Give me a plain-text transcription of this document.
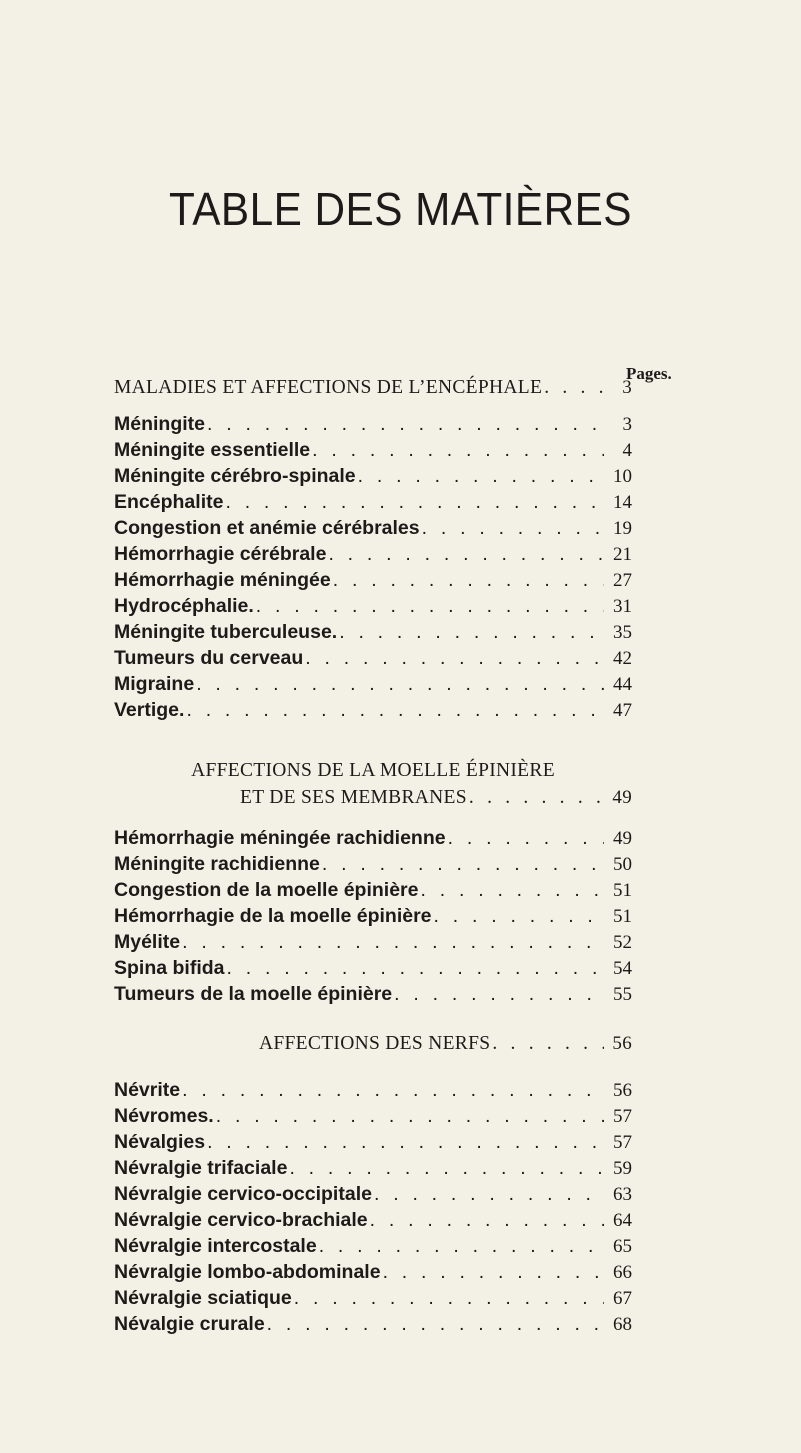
TABLE DES MATIÈRES
Pages.
MALADIES ET AFFECTIONS DE L’ENCÉPHALE . . .	3
Méningite . . .	3
Méningite essentielle . . .	4
Méningite cérébro-spinale . . .	10
Encéphalite . . .	14
Congestion et anémie cérébrales . . .	19
Hémorrhagie cérébrale . . .	21
Hémorrhagie méningée . . .	27
Hydrocéphalie. . . .	31
Méningite tuberculeuse. . . .	35
Tumeurs du cerveau . . .	42
Migraine . . .	44
Vertige. . . .	47
AFFECTIONS DE LA MOELLE ÉPINIÈRE
ET DE SES MEMBRANES . . .	49
Hémorrhagie méningée rachidienne . . .	49
Méningite rachidienne . . .	50
Congestion de la moelle épinière . . .	51
Hémorrhagie de la moelle épinière . . .	51
Myélite . . .	52
Spina bifida . . .	54
Tumeurs de la moelle épinière . . .	55
AFFECTIONS DES NERFS . . .	56
Névrite . . .	56
Névromes. . . .	57
Névalgies . . .	57
Névralgie trifaciale . . .	59
Névralgie cervico-occipitale . . .	63
Névralgie cervico-brachiale . . .	64
Névralgie intercostale . . .	65
Névralgie lombo-abdominale . . .	66
Névralgie sciatique . . .	67
Névalgie crurale . . .	68
